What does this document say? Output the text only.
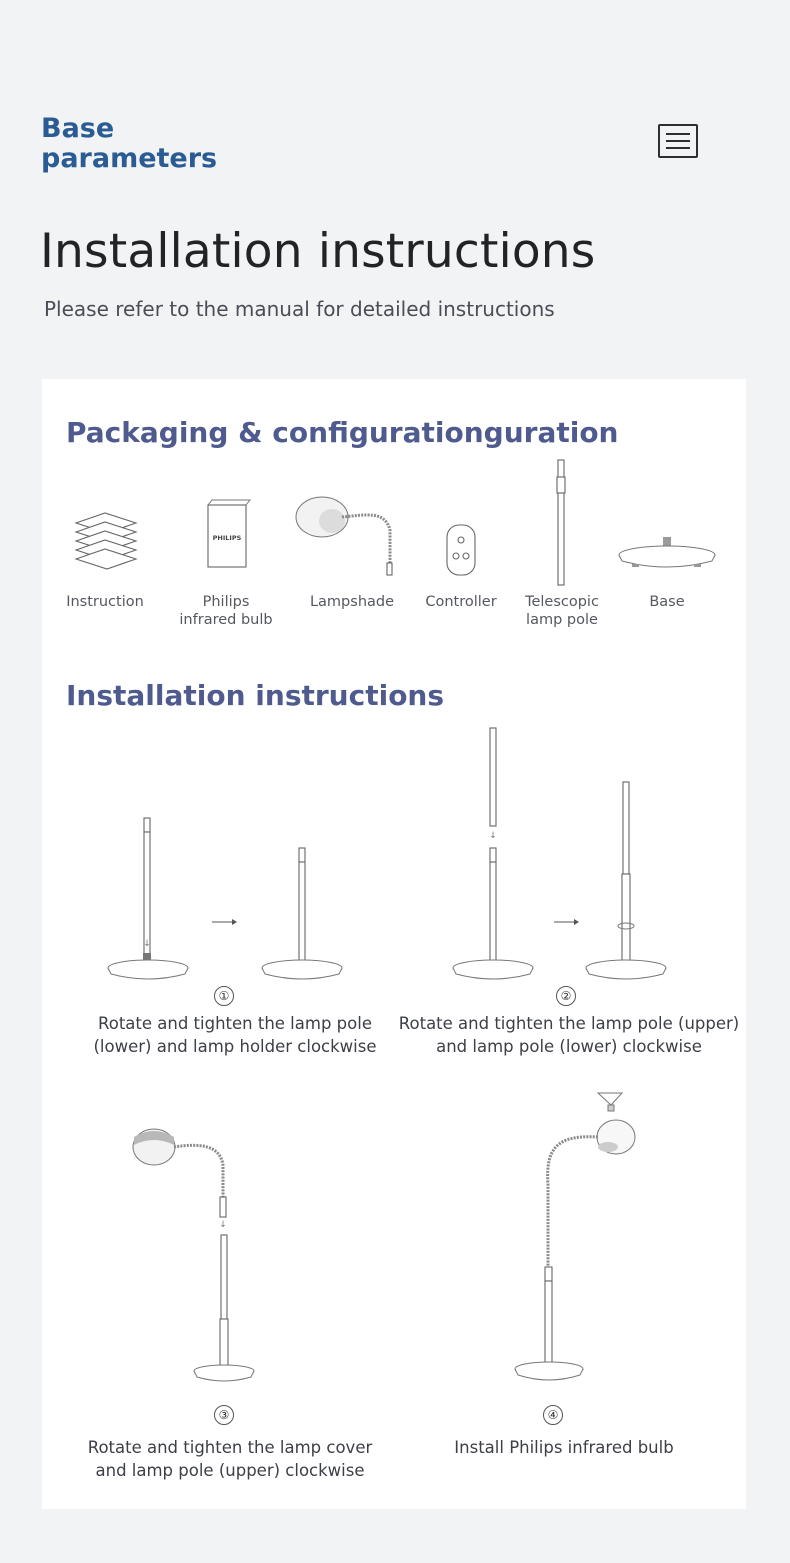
Base
parameters
Installation instructions
Please refer to the manual for detailed instructions
Packaging & configurationguration
PHILIPS
Instruction	Philips
infrared bulb
Lampshade	Controller	Telescopic
lamp pole
Base
Installation instructions
↓
↓
①	②
Rotate and tighten the lamp pole
(lower) and lamp holder clockwise
Rotate and tighten the lamp pole (upper)
and lamp pole (lower) clockwise
↓
③	④
Rotate and tighten the lamp cover
and lamp pole (upper) clockwise
Install Philips infrared bulb
